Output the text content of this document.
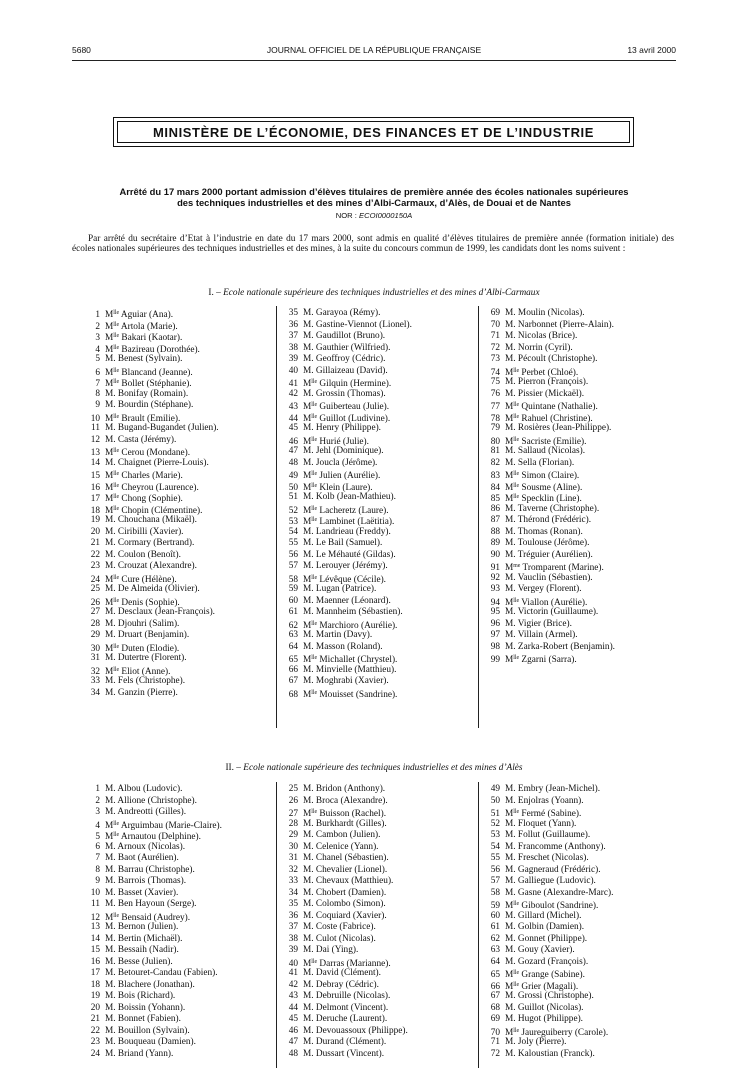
5680	JOURNAL OFFICIEL DE LA RÉPUBLIQUE FRANÇAISE	13 avril 2000
MINISTÈRE DE L’ÉCONOMIE, DES FINANCES ET DE L’INDUSTRIE
Arrêté du 17 mars 2000 portant admission d’élèves titulaires de première année des écoles nationales supérieures
des techniques industrielles et des mines d’Albi-Carmaux, d’Alès, de Douai et de Nantes
NOR : ECOI0000150A
Par arrêté du secrétaire d’Etat à l’industrie en date du 17 mars 2000, sont admis en qualité d’élèves titulaires de première année (formation initiale) des écoles nationales supérieures des techniques industrielles et des mines, à la suite du concours commun de 1999, les candidats dont les noms suivent :
I. – Ecole nationale supérieure des techniques industrielles et des mines d’Albi-Carmaux
1 $M^{lle}$ Aguiar (Ana).
2 $M^{lle}$ Artola (Marie).
3 $M^{lle}$ Bakari (Kaotar).
4 $M^{lle}$ Bazireau (Dorothée).
5 M. Benest (Sylvain).
6 $M^{lle}$ Blancand (Jeanne).
7 $M^{lle}$ Bollet (Stéphanie).
8 M. Bonifay (Romain).
9 M. Bourdin (Stéphane).
10 $M^{lle}$ Brault (Emilie).
11 M. Bugand-Bugandet (Julien).
12 M. Casta (Jérémy).
13 $M^{lle}$ Cerou (Mondane).
14 M. Chaignet (Pierre-Louis).
15 $M^{lle}$ Charles (Marie).
16 $M^{lle}$ Cheyrou (Laurence).
17 $M^{lle}$ Chong (Sophie).
18 $M^{lle}$ Chopin (Clémentine).
19 M. Chouchana (Mikaël).
20 M. Ciribilli (Xavier).
21 M. Cormary (Bertrand).
22 M. Coulon (Benoît).
23 M. Crouzat (Alexandre).
24 $M^{lle}$ Cure (Hélène).
25 M. De Almeida (Olivier).
26 $M^{lle}$ Denis (Sophie).
27 M. Desclaux (Jean-François).
28 M. Djouhri (Salim).
29 M. Druart (Benjamin).
30 $M^{lle}$ Duten (Elodie).
31 M. Dutertre (Florent).
32 $M^{lle}$ Eliot (Anne).
33 M. Fels (Christophe).
34 M. Ganzin (Pierre).
35 M. Garayoa (Rémy).
36 M. Gastine-Viennot (Lionel).
37 M. Gaudillot (Bruno).
38 M. Gauthier (Wilfried).
39 M. Geoffroy (Cédric).
40 M. Gillaizeau (David).
41 $M^{lle}$ Gilquin (Hermine).
42 M. Grossin (Thomas).
43 $M^{lle}$ Guiberteau (Julie).
44 $M^{lle}$ Guillot (Ludivine).
45 M. Henry (Philippe).
46 $M^{lle}$ Hurié (Julie).
47 M. Jehl (Dominique).
48 M. Joucla (Jérôme).
49 $M^{lle}$ Julien (Aurélie).
50 $M^{lle}$ Klein (Laure).
51 M. Kolb (Jean-Mathieu).
52 $M^{lle}$ Lacheretz (Laure).
53 $M^{lle}$ Lambinet (Laëtitia).
54 M. Landrieau (Freddy).
55 M. Le Bail (Samuel).
56 M. Le Méhauté (Gildas).
57 M. Lerouyer (Jérémy).
58 $M^{lle}$ Lévêque (Cécile).
59 M. Lugan (Patrice).
60 M. Maenner (Léonard).
61 M. Mannheim (Sébastien).
62 $M^{lle}$ Marchioro (Aurélie).
63 M. Martin (Davy).
64 M. Masson (Roland).
65 $M^{lle}$ Michallet (Chrystel).
66 M. Minvielle (Matthieu).
67 M. Moghrabi (Xavier).
68 $M^{lle}$ Mouisset (Sandrine).
69 M. Moulin (Nicolas).
70 M. Narbonnet (Pierre-Alain).
71 M. Nicolas (Brice).
72 M. Norrin (Cyril).
73 M. Pécoult (Christophe).
74 $M^{lle}$ Perbet (Chloé).
75 M. Pierron (François).
76 M. Pissier (Mickaël).
77 $M^{lle}$ Quintane (Nathalie).
78 $M^{lle}$ Rahuel (Christine).
79 M. Rosières (Jean-Philippe).
80 $M^{lle}$ Sacriste (Emilie).
81 M. Sallaud (Nicolas).
82 M. Sella (Florian).
83 $M^{lle}$ Simon (Claire).
84 $M^{lle}$ Sousme (Aline).
85 $M^{lle}$ Specklin (Line).
86 M. Taverne (Christophe).
87 M. Thérond (Frédéric).
88 M. Thomas (Ronan).
89 M. Toulouse (Jérôme).
90 M. Tréguier (Aurélien).
91 $M^{me}$ Tromparent (Marine).
92 M. Vauclin (Sébastien).
93 M. Vergey (Florent).
94 $M^{lle}$ Viallon (Aurélie).
95 M. Victorin (Guillaume).
96 M. Vigier (Brice).
97 M. Villain (Armel).
98 M. Zarka-Robert (Benjamin).
99 $M^{lle}$ Zgarni (Sarra).
II. – Ecole nationale supérieure des techniques industrielles et des mines d’Alès
1 M. Albou (Ludovic).
2 M. Allione (Christophe).
3 M. Andreotti (Gilles).
4 $M^{lle}$ Arguimbau (Marie-Claire).
5 $M^{lle}$ Arnautou (Delphine).
6 M. Arnoux (Nicolas).
7 M. Baot (Aurélien).
8 M. Barrau (Christophe).
9 M. Barrois (Thomas).
10 M. Basset (Xavier).
11 M. Ben Hayoun (Serge).
12 $M^{lle}$ Bensaid (Audrey).
13 M. Bernon (Julien).
14 M. Bertin (Michaël).
15 M. Bessaih (Nadir).
16 M. Besse (Julien).
17 M. Betouret-Candau (Fabien).
18 M. Blachere (Jonathan).
19 M. Bois (Richard).
20 M. Boissin (Yohann).
21 M. Bonnet (Fabien).
22 M. Bouillon (Sylvain).
23 M. Bouqueau (Damien).
24 M. Briand (Yann).
25 M. Bridon (Anthony).
26 M. Broca (Alexandre).
27 $M^{lle}$ Buisson (Rachel).
28 M. Burkhardt (Gilles).
29 M. Cambon (Julien).
30 M. Celenice (Yann).
31 M. Chanel (Sébastien).
32 M. Chevalier (Lionel).
33 M. Chevaux (Matthieu).
34 M. Chobert (Damien).
35 M. Colombo (Simon).
36 M. Coquiard (Xavier).
37 M. Coste (Fabrice).
38 M. Culot (Nicolas).
39 M. Dai (Ying).
40 $M^{lle}$ Darras (Marianne).
41 M. David (Clément).
42 M. Debray (Cédric).
43 M. Debruille (Nicolas).
44 M. Delmont (Vincent).
45 M. Deruche (Laurent).
46 M. Devouassoux (Philippe).
47 M. Durand (Clément).
48 M. Dussart (Vincent).
49 M. Embry (Jean-Michel).
50 M. Enjolras (Yoann).
51 $M^{lle}$ Fermé (Sabine).
52 M. Floquet (Yann).
53 M. Follut (Guillaume).
54 M. Francomme (Anthony).
55 M. Freschet (Nicolas).
56 M. Gagneraud (Frédéric).
57 M. Galliegue (Ludovic).
58 M. Gasne (Alexandre-Marc).
59 $M^{lle}$ Giboulot (Sandrine).
60 M. Gillard (Michel).
61 M. Golbin (Damien).
62 M. Gonnet (Philippe).
63 M. Gouy (Xavier).
64 M. Gozard (François).
65 $M^{lle}$ Grange (Sabine).
66 $M^{lle}$ Grier (Magali).
67 M. Grossi (Christophe).
68 M. Guillot (Nicolas).
69 M. Hugot (Philippe).
70 $M^{lle}$ Jaureguiberry (Carole).
71 M. Joly (Pierre).
72 M. Kaloustian (Franck).
